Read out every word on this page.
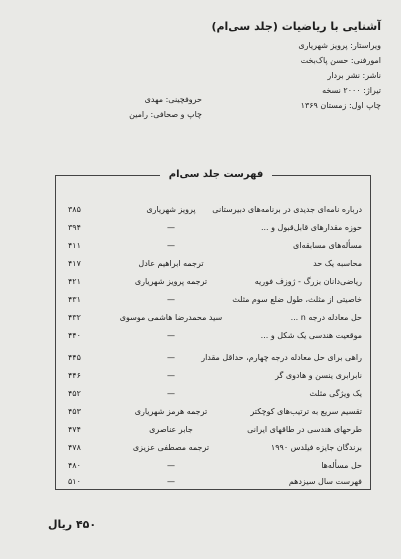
آشنایی با ریاضیات (جلد سی‌ام)
ویراستار: پرویز شهریاری
امورفنی: حسن پاک‌بخت
ناشر: نشر بردار
تیراژ: ۲۰۰۰ نسخه
چاپ اول: زمستان ۱۳۶۹
حروفچینی: مهدی
چاپ و صحافی: رامین
فهرست جلد سی‌ام
۳۸۵	پرویز شهریاری	درباره نامه‌ای جدیدی در برنامه‌های دبیرستانی
۳۹۴	—	حوزه مقدارهای قابل‌قبول و ...
۴۱۱	—	مسأله‌های مسابقه‌ای
۴۱۷	ترجمه ابراهیم عادل	محاسبه یک حد
۴۲۱	ترجمه پرویز شهریاری	ریاضی‌دانان بزرگ - ژوزف فوریه
۴۳۱	—	خاصیتی از مثلث، طول ضلع سوم مثلث
۴۳۲	سید محمدرضا هاشمی موسوی	حل معادله درجه n ...
۴۴۰	—	موقعیت هندسی یک شکل و ...
۴۴۵	—	راهی برای حل معادله درجه چهارم، حداقل مقدار
۴۴۶	—	نابرابری ینسن و هادوی گر
۴۵۲	—	یک ویژگی مثلث
۴۵۳	ترجمه هرمز شهریاری	تقسیم سریع به ترتیب‌های کوچکتر
۴۷۴	جابر عناصری	طرحهای هندسی در طاقهای ایرانی
۴۷۸	ترجمه مصطفی عزیزی	برندگان جایزه فیلدس ۱۹۹۰
۴۸۰	—	حل مسأله‌ها
۵۱۰	—	فهرست سال سیزدهم
۴۵۰ ریال
